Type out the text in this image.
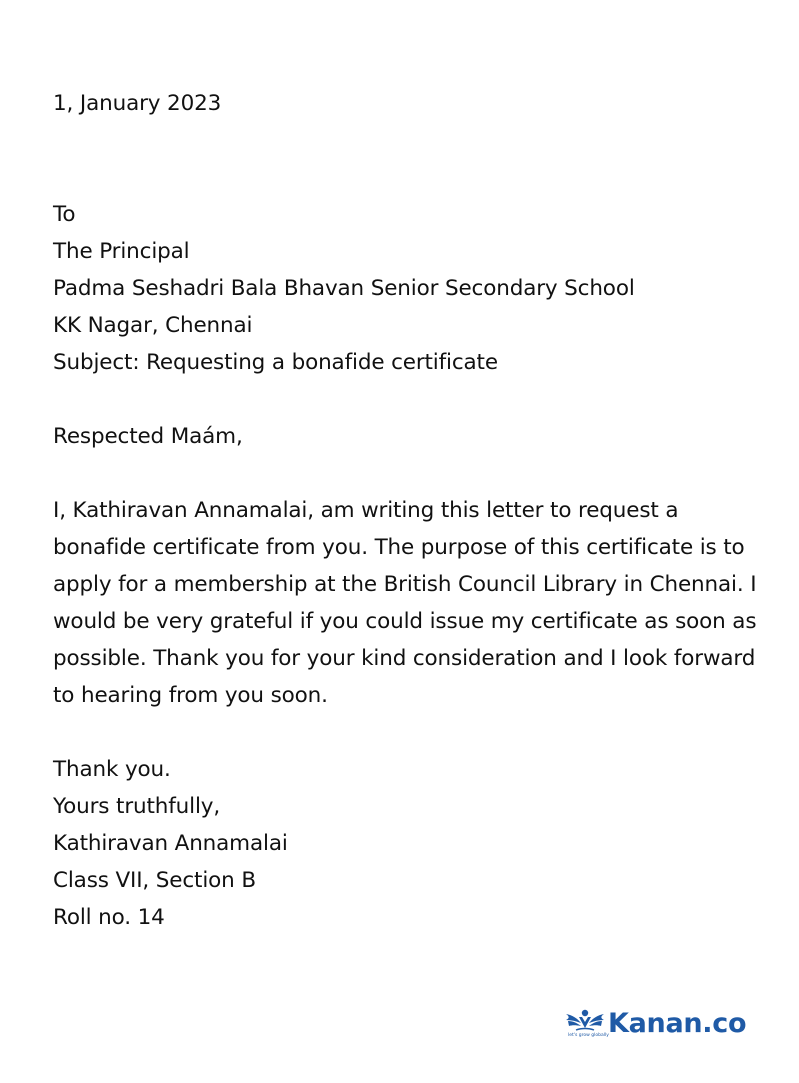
1, January 2023
To
The Principal
Padma Seshadri Bala Bhavan Senior Secondary School
KK Nagar, Chennai
Subject: Requesting a bonafide certificate
Respected Maám,
I, Kathiravan Annamalai, am writing this letter to request a bonafide certificate from you. The purpose of this certificate is to apply for a membership at the British Council Library in Chennai. I would be very grateful if you could issue my certificate as soon as possible. Thank you for your kind consideration and I look forward to hearing from you soon.
Thank you.
Yours truthfully,
Kathiravan Annamalai
Class VII, Section B
Roll no. 14
let's grow globally Kanan.co
